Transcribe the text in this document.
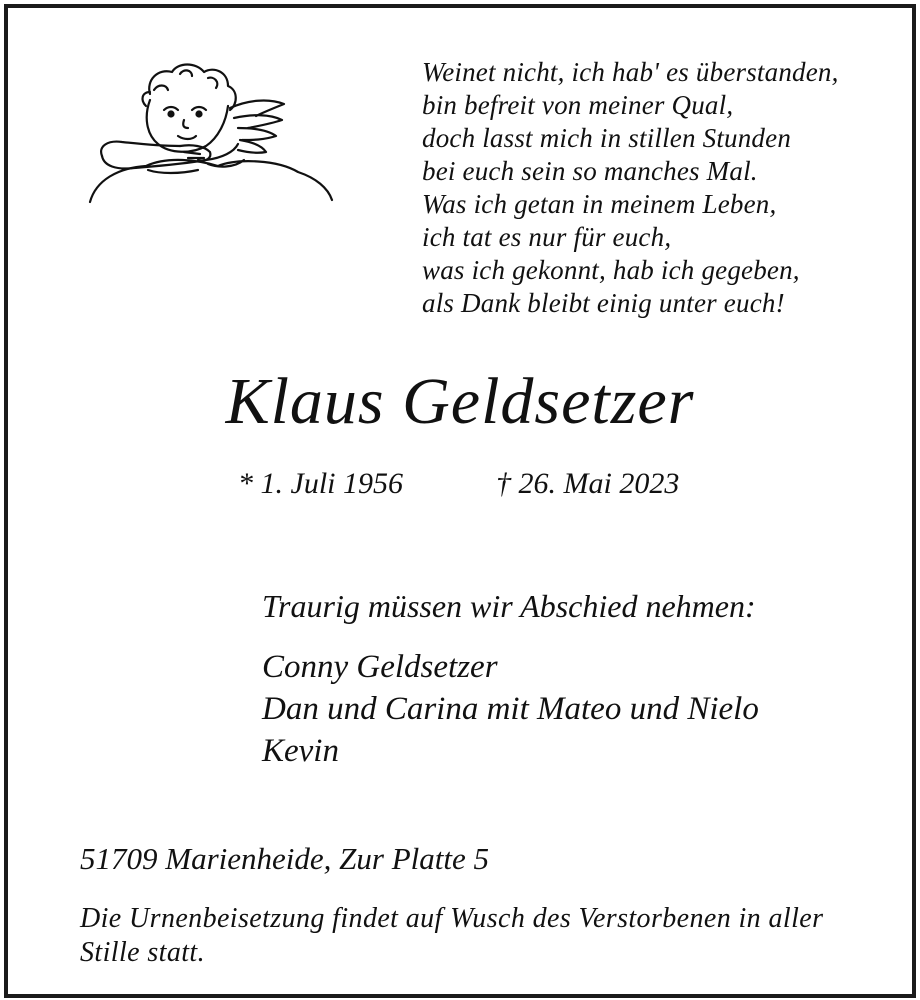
Weinet nicht, ich hab' es überstanden,
bin befreit von meiner Qual,
doch lasst mich in stillen Stunden
bei euch sein so manches Mal.
Was ich getan in meinem Leben,
ich tat es nur für euch,
was ich gekonnt, hab ich gegeben,
als Dank bleibt einig unter euch!
Klaus Geldsetzer
* 1. Juli 1956	† 26. Mai 2023
Traurig müssen wir Abschied nehmen:
Conny Geldsetzer
Dan und Carina mit Mateo und Nielo
Kevin
51709 Marienheide, Zur Platte 5
Die Urnenbeisetzung findet auf Wusch des Verstorbenen in aller Stille statt.
